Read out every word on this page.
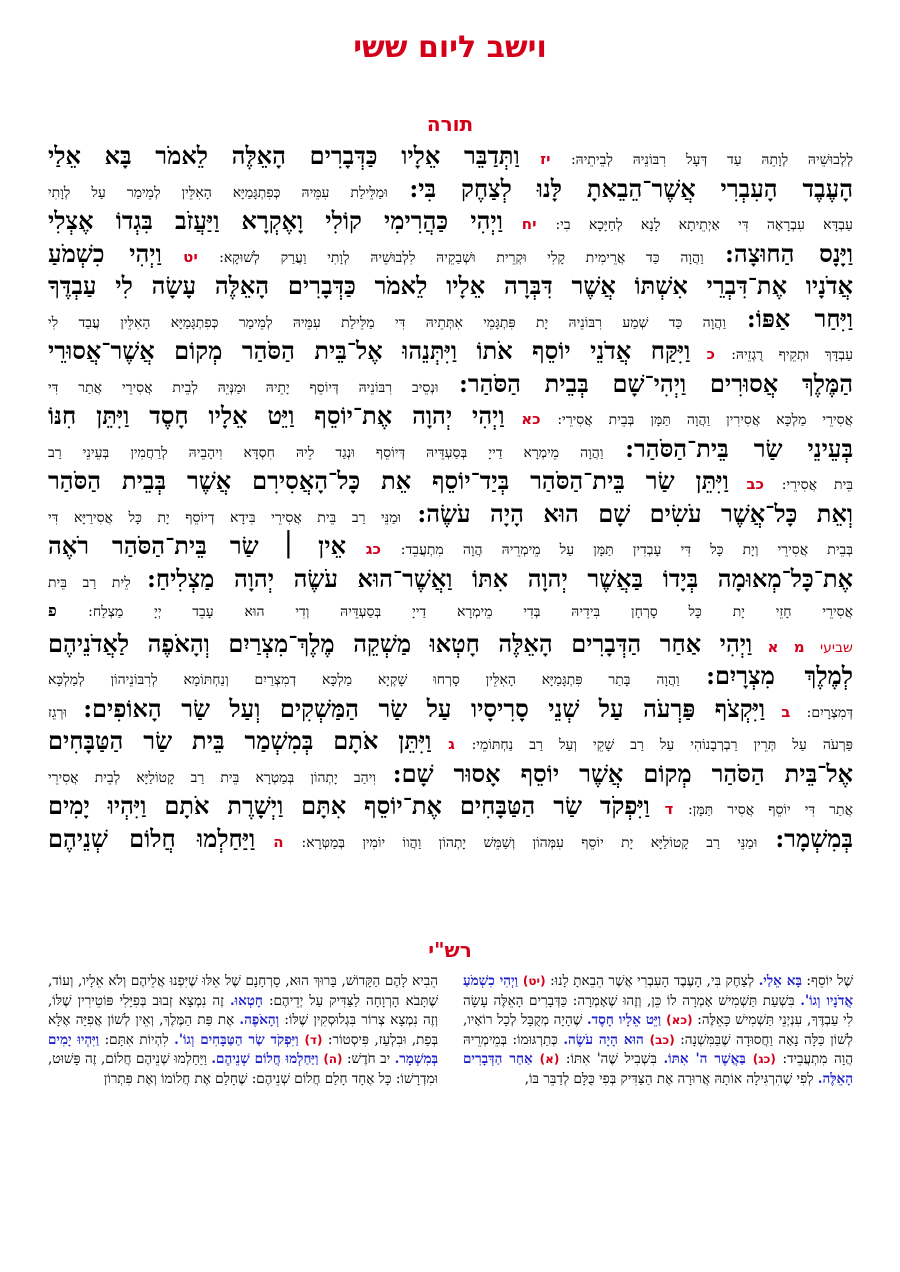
וישב ליום ששי
תורה
לְלְבוּשֵׁיהּ לְוָתֵהּ עַד דְּעָל רִבּוֹנֵיהּ לְבֵיתֵיהּ: יז וַתְּדַבֵּר אֵלָיו כַּדְּבָרִים הָאֵלֶּה לֵאמֹר בָּא אֵלַי
הָעֶבֶד הָעִבְרִי אֲשֶׁר־הֵבֵאתָ לָּנוּ לְצַחֶק בִּי: וּמַלֵּילַת עִמֵּיהּ כְּפִתְגָּמַיָּא הָאִלֵּין לְמֵימַר עַל לְוָתִי
עַבְדָּא עִבְרָאָה דִּי אַיְתֵיתָא לָנָא לְחַיָּכָא בִי: יח וַיְהִי כַּהֲרִימִי קוֹלִי וָאֶקְרָא וַיַּעֲזֹב בִּגְדוֹ אֶצְלִי
וַיָּנָס הַחוּצָה: וַהֲוָה כַּד אֲרֵימִית קָלִי וּקְרֵית וּשְׁבַקֵיהּ לִלְבוּשֵׁיהּ לְוָתִי וַעֲרַק לְשׁוּקָא: יט וַיְהִי כִשְׁמֹעַ
אֲדֹנָיו אֶת־דִּבְרֵי אִשְׁתּוֹ אֲשֶׁר דִּבְּרָה אֵלָיו לֵאמֹר כַּדְּבָרִים הָאֵלֶּה עָשָׂה לִי עַבְדֶּךָ
וַיִּחַר אַפּוֹ: וַהֲוָה כַּד שְׁמַע רִבּוֹנֵיהּ יָת פִּתְגָּמֵי אִתְּתֵיהּ דִּי מַלֵּילַת עִמֵּיהּ לְמֵימַר כְּפִתְגָּמַיָּא הָאִלֵּין עֲבַד לִי
עַבְדָּךְ וּתְקֵיף רֻגְזֵיהּ: כ וַיִּקַּח אֲדֹנֵי יוֹסֵף אֹתוֹ וַיִּתְּנֵהוּ אֶל־בֵּית הַסֹּהַר מְקוֹם אֲשֶׁר־אֲסוּרֵי
הַמֶּלֶךְ אֲסוּרִים וַיְהִי־שָׁם בְּבֵית הַסֹּהַר: וּנְסֵיב רִבּוֹנֵיהּ דְּיוֹסֵף יָתֵיהּ וּמַנְּיֵהּ לְבֵית אֲסִירֵי אֲתַר דִּי
אֲסִירֵי מַלְכָּא אֲסִירִין וַהֲוָה תַּמָּן בְּבֵית אֲסִירֵי: כא וַיְהִי יְהוָה אֶת־יוֹסֵף וַיֵּט אֵלָיו חָסֶד וַיִּתֵּן חִנּוֹ
בְּעֵינֵי שַׂר בֵּית־הַסֹּהַר: וַהֲוָה מֵימְרָא דַייָ בְּסַעְדֵּיהּ דְּיוֹסֵף וּנְגַד לֵיהּ חִסְדָּא וִיהָבֵיהּ לְרַחֲמִין בְּעֵינֵי רַב
בֵּית אֲסִירֵי: כב וַיִּתֵּן שַׂר בֵּית־הַסֹּהַר בְּיַד־יוֹסֵף אֵת כָּל־הָאֲסִירִם אֲשֶׁר בְּבֵית הַסֹּהַר
וְאֵת כָּל־אֲשֶׁר עֹשִׂים שָׁם הוּא הָיָה עֹשֶׂה: וּמַנֵּי רַב בֵּית אֲסִירֵי בִּידָא דְיוֹסֵף יָת כָּל אֲסִירַיָּא דִּי
בְּבֵית אֲסִירֵי וְיָת כָּל דִּי עָבְדִין תַּמָּן עַל מֵימְרֵיהּ הֲוָה מִתְעֲבֵד: כג אֵין ׀ שַׂר בֵּית־הַסֹּהַר רֹאֶה
אֶת־כָּל־מְאוּמָה בְּיָדוֹ בַּאֲשֶׁר יְהוָה אִתּוֹ וַאֲשֶׁר־הוּא עֹשֶׂה יְהוָה מַצְלִיחַ: לֵית רַב בֵּית
אֲסִירֵי חָזֵי יָת כָּל סָרְחָן בִּידֵיהּ בְּדִי מֵימְרָא דַייָ בְּסַעְדֵּיהּ וְדִי הוּא עָבֵד יְיָ מַצְלַח: פ
שביעי מ א וַיְהִי אַחַר הַדְּבָרִים הָאֵלֶּה חָטְאוּ מַשְׁקֵה מֶלֶךְ־מִצְרַיִם וְהָאֹפֶה לַאֲדֹנֵיהֶם
לְמֶלֶךְ מִצְרָיִם: וַהֲוָה בָּתַר פִּתְגָּמַיָּא הָאִלֵּין סָרְחוּ שָׁקְיָא מַלְכָּא דְמִצְרַיִם וְנַחְתּוֹמָא לְרִבּוֹנֵיהוֹן לְמַלְכָּא
דְּמִצְרָיִם: ב וַיִּקְצֹף פַּרְעֹה עַל שְׁנֵי סָרִיסָיו עַל שַׂר הַמַּשְׁקִים וְעַל שַׂר הָאוֹפִים: וּרְגֵז
פַּרְעֹה עַל תְּרֵין רַבְרְבָנוֹהִי עַל רַב שָׁקֵי וְעַל רַב נַחְתּוֹמֵי: ג וַיִּתֵּן אֹתָם בְּמִשְׁמַר בֵּית שַׂר הַטַּבָּחִים
אֶל־בֵּית הַסֹּהַר מְקוֹם אֲשֶׁר יוֹסֵף אָסוּר שָׁם: וִיהַב יָתְהוֹן בְּמַטְרָא בֵּית רַב קָטוֹלַיָּא לְבֵית אֲסִירֵי
אֲתַר דִּי יוֹסֵף אֲסִיר תַּמָּן: ד וַיִּפְקֹד שַׂר הַטַּבָּחִים אֶת־יוֹסֵף אִתָּם וַיְשָׁרֶת אֹתָם וַיִּהְיוּ יָמִים
בְּמִשְׁמָר: וּמַנֵּי רַב קָטוֹלַיָּא יָת יוֹסֵף עִמְּהוֹן וְשַׁמֵּשׁ יָתְהוֹן וַהֲווֹ יוֹמִין בְּמַטְּרָא: ה וַיַּחַלְמוּ חֲלוֹם שְׁנֵיהֶם
רש"י
שֶׁל יוֹסֵף: בָּא אֵלַי. לְצַחֶק בִּי, הָעֶבֶד הָעִבְרִי אֲשֶׁר הֵבֵאתָ לָנוּ: (יט) וַיְהִי כִשְׁמֹעַ אֲדֹנָיו וְגוֹ'. בִּשְׁעַת תַּשְׁמִישׁ אָמְרָה לוֹ כֵּן, וְזֶהוּ שֶׁאָמְרָה: כַּדְּבָרִים הָאֵלֶּה עָשָׂה לִי עַבְדֶּךָ, עִנְיְנֵי תַּשְׁמִישׁ כָּאֵלֶּה: (כא) וַיֵּט אֵלָיו חָסֶד. שֶׁהָיָה מְקֻבָּל לְכָל רוֹאָיו, לְשׁוֹן כַּלָּה נָאָה וַחֲסוּדָה שֶׁבַּמִּשְׁנָה: (כב) הוּא הָיָה עֹשֶׂה. כְּתַרְגּוּמוֹ: בְּמֵימְרֵיהּ הֲוָה מִתְעֲבֵיד: (כג) בַּאֲשֶׁר ה' אִתּוֹ. בִּשְׁבִיל שֶׁה' אִתּוֹ: (א) אַחַר הַדְּבָרִים הָאֵלֶּה. לְפִי שֶׁהִרְגִּילָה אוֹתָהּ אֲרוּרָה אֶת הַצַּדִּיק בְּפִי כֻּלָּם לְדַבֵּר בּוֹ,
הֵבִיא לָהֶם הַקָּדוֹשׁ, בָּרוּךְ הוּא, סָרְחָנָם שֶׁל אֵלּוּ שֶׁיִּפְנוּ אֲלֵיהֶם וְלֹא אֵלָיו, וְעוֹד, שֶׁתָּבֹא הָרְוָחָה לַצַּדִּיק עַל יְדֵיהֶם: חָטְאוּ. זֶה נִמְצָא זְבוּב בְּפִיָּלִי פּוֹטֵירִין שֶׁלּוֹ, וְזֶה נִמְצָא צְרוֹר בִּגְלוּסְקִין שֶׁלּוֹ: וְהָאֹפֶה. אֶת פַּת הַמֶּלֶךְ, וְאֵין לְשׁוֹן אֲפִיָּה אֶלָּא בְּפַת, וּבִלְעַז, פִּיסְטוֹר: (ד) וַיִּפְקֹד שַׂר הַטַּבָּחִים וְגוֹ'. לִהְיוֹת אִתָּם: וַיִּהְיוּ יָמִים בְּמִשְׁמָר. יב חֹדֶשׁ: (ה) וַיַּחַלְמוּ חֲלוֹם שְׁנֵיהֶם. וַיַּחַלְמוּ שְׁנֵיהֶם חֲלוֹם, זֶה פָּשׁוּט, וּמִדְרָשׁוֹ: כָּל אֶחָד חָלַם חֲלוֹם שְׁנֵיהֶם: שֶׁחָלַם אֶת חֲלוֹמוֹ וְאֶת פִּתְרוֹן
